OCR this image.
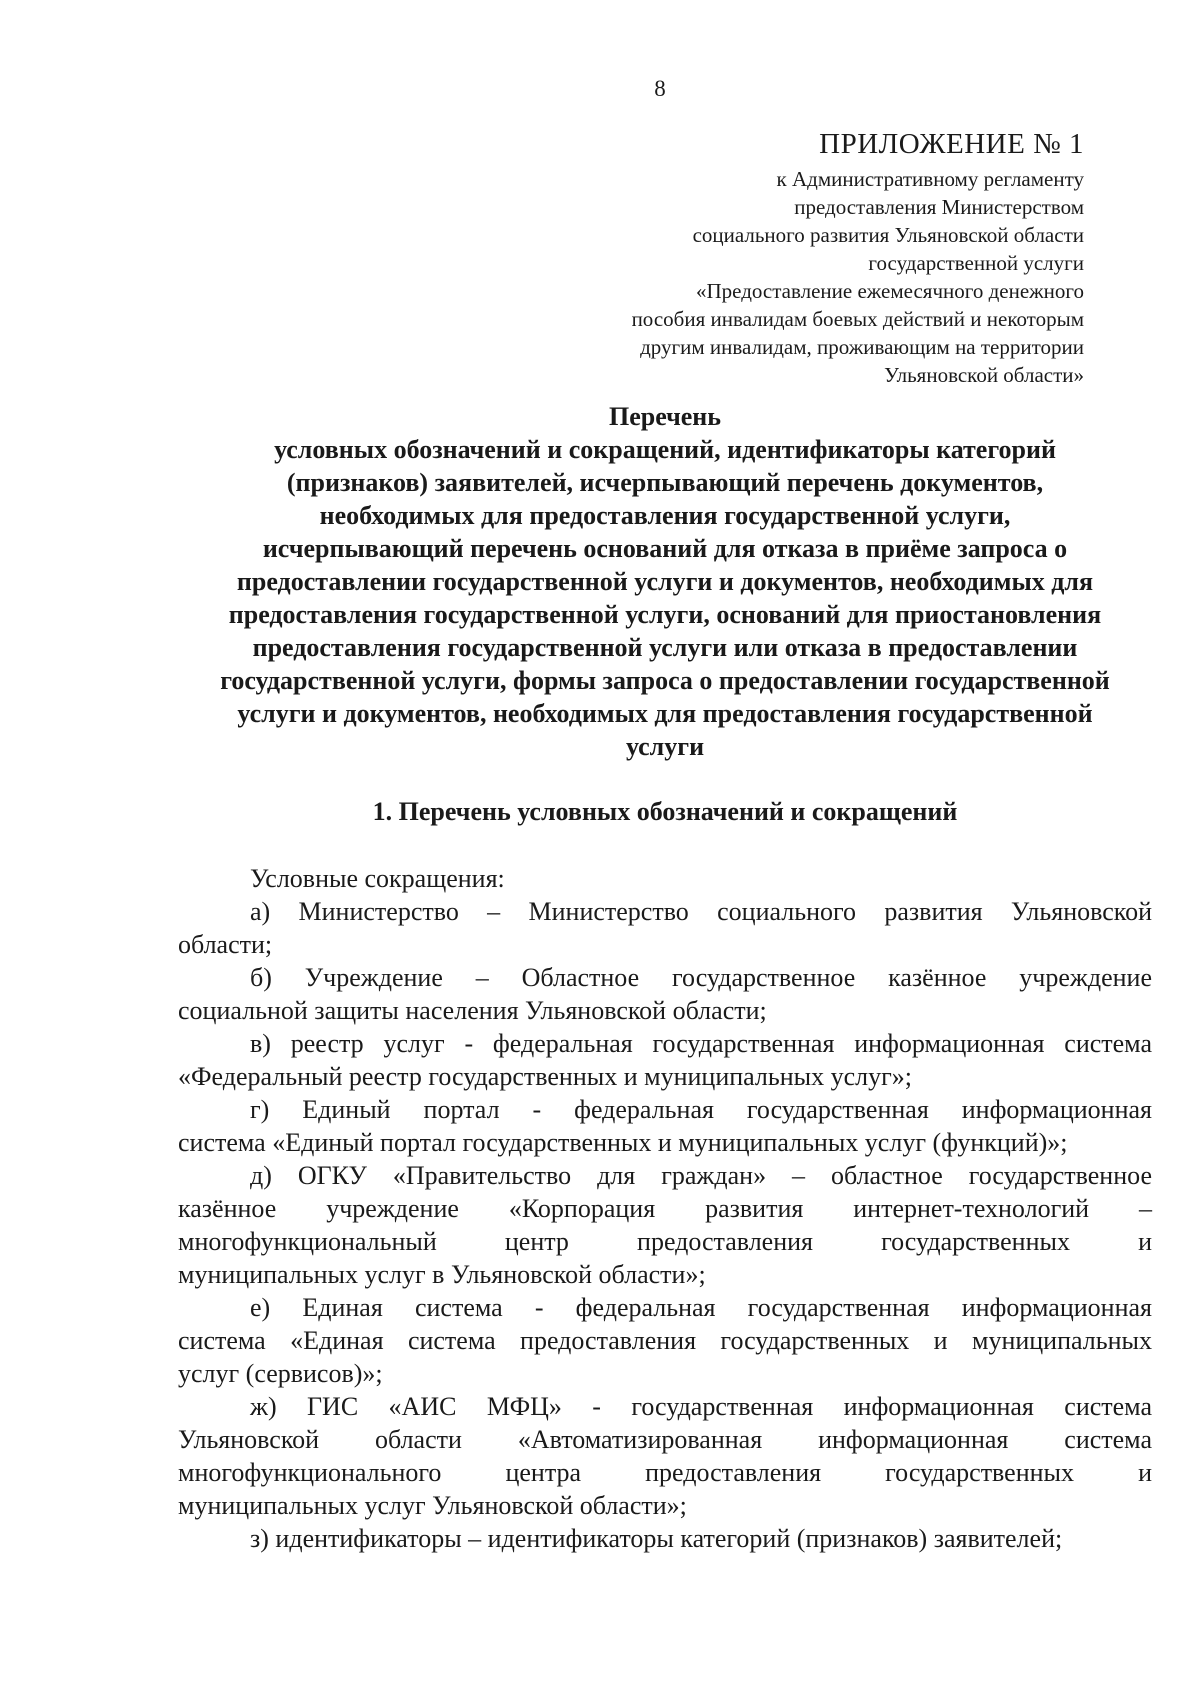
8
ПРИЛОЖЕНИЕ № 1
к Административному регламенту
предоставления Министерством
социального развития Ульяновской области
государственной услуги
«Предоставление ежемесячного денежного
пособия инвалидам боевых действий и некоторым
другим инвалидам, проживающим на территории
Ульяновской области»
Перечень
условных обозначений и сокращений, идентификаторы категорий
(признаков) заявителей, исчерпывающий перечень документов,
необходимых для предоставления государственной услуги,
исчерпывающий перечень оснований для отказа в приёме запроса о
предоставлении государственной услуги и документов, необходимых для
предоставления государственной услуги, оснований для приостановления
предоставления государственной услуги или отказа в предоставлении
государственной услуги, формы запроса о предоставлении государственной
услуги и документов, необходимых для предоставления государственной
услуги
1. Перечень условных обозначений и сокращений
Условные сокращения:
а) Министерство – Министерство социального развития Ульяновской
области;
б) Учреждение – Областное государственное казённое учреждение
социальной защиты населения Ульяновской области;
в) реестр услуг - федеральная государственная информационная система
«Федеральный реестр государственных и муниципальных услуг»;
г) Единый портал - федеральная государственная информационная
система «Единый портал государственных и муниципальных услуг (функций)»;
д) ОГКУ «Правительство для граждан» – областное государственное
казённое учреждение «Корпорация развития интернет-технологий –
многофункциональный центр предоставления государственных и
муниципальных услуг в Ульяновской области»;
е) Единая система - федеральная государственная информационная
система «Единая система предоставления государственных и муниципальных
услуг (сервисов)»;
ж) ГИС «АИС МФЦ» - государственная информационная система
Ульяновской области «Автоматизированная информационная система
многофункционального центра предоставления государственных и
муниципальных услуг Ульяновской области»;
з) идентификаторы – идентификаторы категорий (признаков) заявителей;
